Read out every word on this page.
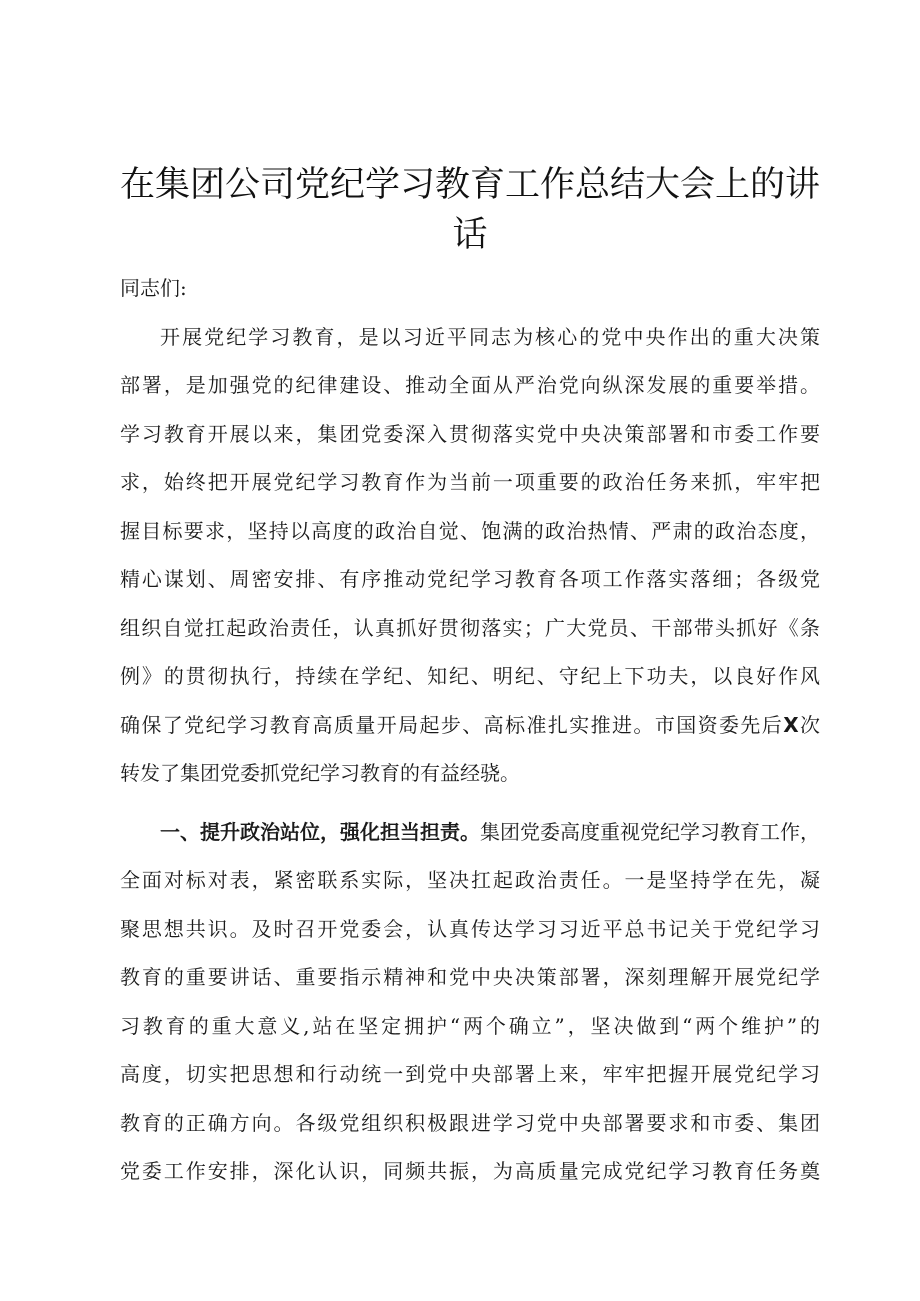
在集团公司党纪学习教育工作总结大会上的讲
话

同志们:

开展党纪学习教育，是以习近平同志为核心的党中央作出的重大决策
部署，是加强党的纪律建设、推动全面从严治党向纵深发展的重要举措。
学习教育开展以来，集团党委深入贯彻落实党中央决策部署和市委工作要
求，始终把开展党纪学习教育作为当前一项重要的政治任务来抓，牢牢把
握目标要求，坚持以高度的政治自觉、饱满的政治热情、严肃的政治态度，
精心谋划、周密安排、有序推动党纪学习教育各项工作落实落细；各级党
组织自觉扛起政治责任，认真抓好贯彻落实；广大党员、干部带头抓好《条
例》的贯彻执行，持续在学纪、知纪、明纪、守纪上下功夫，以良好作风
确保了党纪学习教育高质量开局起步、高标准扎实推进。市国资委先后X次
转发了集团党委抓党纪学习教育的有益经骁。

一、提升政治站位，强化担当担责。集团党委高度重视党纪学习教育工作，
全面对标对表，紧密联系实际，坚决扛起政治责任。一是坚持学在先，凝
聚思想共识。及时召开党委会，认真传达学习习近平总书记关于党纪学习
教育的重要讲话、重要指示精神和党中央决策部署，深刻理解开展党纪学
习教育的重大意义,站在坚定拥护“两个确立”，坚决做到“两个维护”的
高度，切实把思想和行动统一到党中央部署上来，牢牢把握开展党纪学习
教育的正确方向。各级党组织积极跟进学习党中央部署要求和市委、集团
党委工作安排，深化认识，同频共振，为高质量完成党纪学习教育任务奠
